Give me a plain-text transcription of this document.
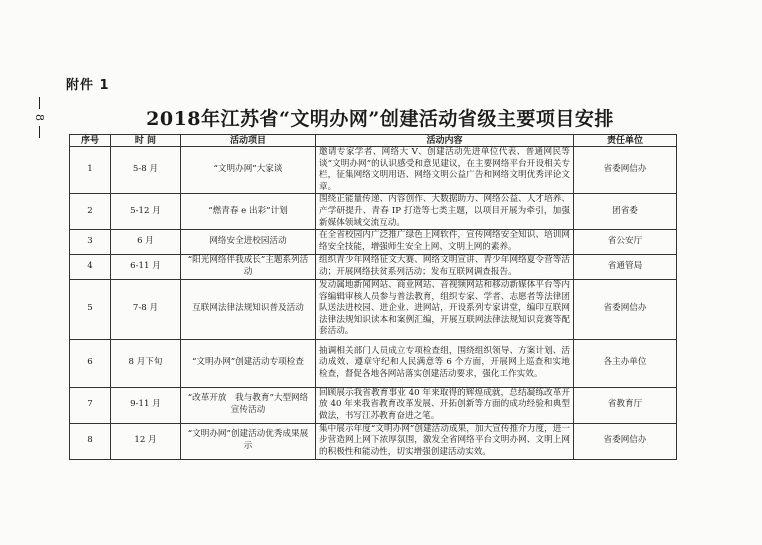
附件 1
8	2018年江苏省“文明办网”创建活动省级主要项目安排
序号	时 间	活动项目	活动内容	责任单位
1	5-8 月	“文明办网”大家谈	邀请专家学者、网络大 V、创建活动先进单位代表、普通网民等谈“文明办网”的认识感受和意见建议，在主要网络平台开设相关专栏，征集网络文明用语、网络文明公益广告和网络文明优秀评论文章。	省委网信办
2	5-12 月	“燃青春 e 出彩”计划	围绕正能量传递、内容创作、大数据助力、网络公益、人才培养、产学研提升、青春 IP 打造等七类主题，以项目开展为牵引，加强新媒体领域交流互动。	团省委
3	6 月	网络安全进校园活动	在全省校园内广泛推广绿色上网软件，宣传网络安全知识、培训网络安全技能，增强师生安全上网、文明上网的素养。	省公安厅
4	6-11 月	“阳光网络伴我成长”主题系列活动	组织青少年网络征文大赛、网络文明宣讲、青少年网络夏令营等活动；开展网络扶贫系列活动；发布互联网调查报告。	省通管局
5	7-8 月	互联网法律法规知识普及活动	发动属地新闻网站、商业网站、音视频网站和移动新媒体平台等内容编辑审核人员参与普法教育，组织专家、学者、志愿者等法律团队送法进校园、进企业、进网站，开设系列专家讲堂，编印互联网法律法规知识读本和案例汇编，开展互联网法律法规知识竞赛等配套活动。	省委网信办
6	8 月下旬	“文明办网”创建活动专项检查	抽调相关部门人员成立专项检查组，围绕组织领导、方案计划、活动成效、遵章守纪和人民满意等 6 个方面，开展网上巡查和实地检查，督促各地各网站落实创建活动要求，强化工作实效。	各主办单位
7	9-11 月	“改革开放　我与教育”大型网络宣传活动	回顾展示我省教育事业 40 年来取得的辉煌成就，总结凝练改革开放 40 年来我省教育改革发展、开拓创新等方面的成功经验和典型做法，书写江苏教育奋进之笔。	省教育厅
8	12 月	“文明办网”创建活动优秀成果展示	集中展示年度“文明办网”创建活动成果，加大宣传推介力度，进一步营造网上网下浓厚氛围，激发全省网络平台文明办网、文明上网的积极性和能动性，切实增强创建活动实效。	省委网信办
